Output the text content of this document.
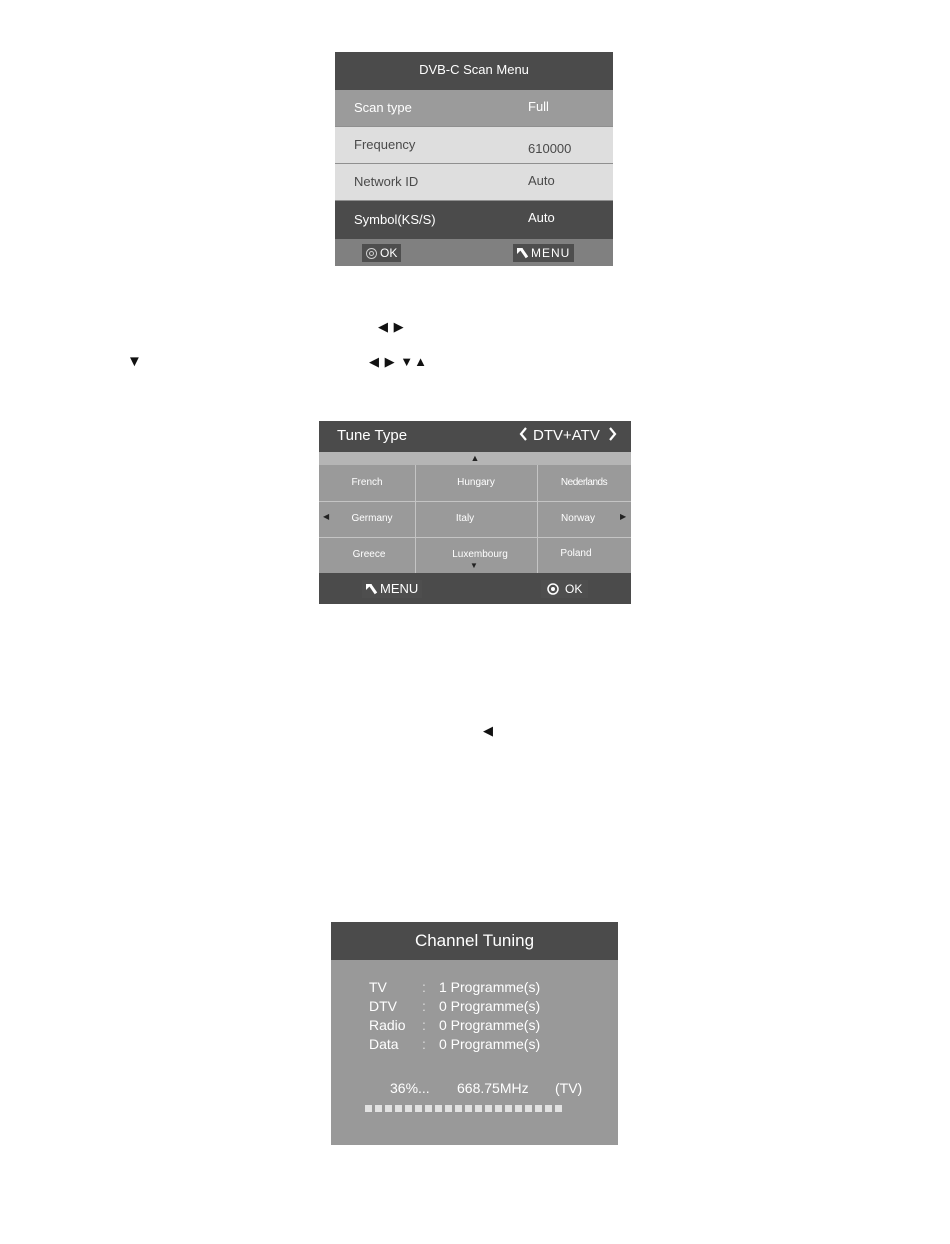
DVB-C Scan Menu
Scan type	Full
Frequency	610000
Network ID	Auto
Symbol(KS/S)	Auto
OK	MENU
◀ ▶
▼	◀ ▶ ▼▲
◀
Tune Type	DTV+ATV
▲
French	Hungary	Nederlands
Germany	Italy	Norway
Greece	Luxembourg	Poland
◀	▶
▼
MENU	OK
Channel Tuning
TV	: 1 Programme(s)
DTV : 0 Programme(s)
Radio : 0 Programme(s)
Data : 0 Programme(s)
36%... 668.75MHz (TV)
